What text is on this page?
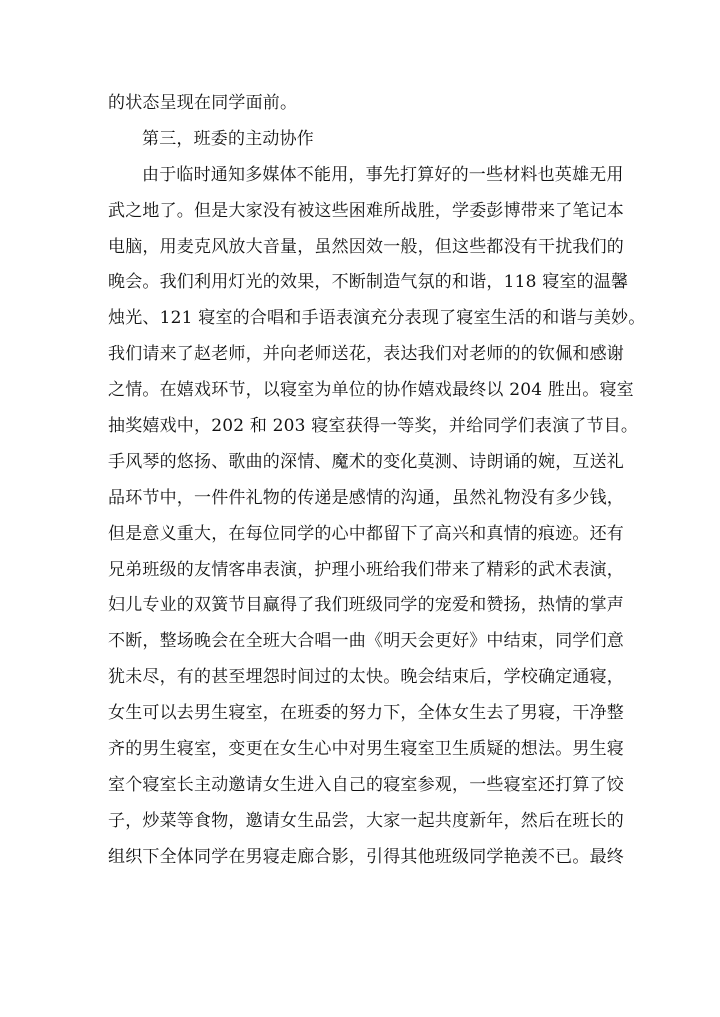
的状态呈现在同学面前。
第三，班委的主动协作
由于临时通知多媒体不能用，事先打算好的一些材料也英雄无用
武之地了。但是大家没有被这些困难所战胜，学委彭博带来了笔记本
电脑，用麦克风放大音量，虽然因效一般，但这些都没有干扰我们的
晚会。我们利用灯光的效果，不断制造气氛的和谐，118 寝室的温馨
烛光、121 寝室的合唱和手语表演充分表现了寝室生活的和谐与美妙。
我们请来了赵老师，并向老师送花，表达我们对老师的的钦佩和感谢
之情。在嬉戏环节，以寝室为单位的协作嬉戏最终以 204 胜出。寝室
抽奖嬉戏中，202 和 203 寝室获得一等奖，并给同学们表演了节目。
手风琴的悠扬、歌曲的深情、魔术的变化莫测、诗朗诵的婉，互送礼
品环节中，一件件礼物的传递是感情的沟通，虽然礼物没有多少钱，
但是意义重大，在每位同学的心中都留下了高兴和真情的痕迹。还有
兄弟班级的友情客串表演，护理小班给我们带来了精彩的武术表演，
妇儿专业的双簧节目赢得了我们班级同学的宠爱和赞扬，热情的掌声
不断，整场晚会在全班大合唱一曲《明天会更好》中结束，同学们意
犹未尽，有的甚至埋怨时间过的太快。晚会结束后，学校确定通寝，
女生可以去男生寝室，在班委的努力下，全体女生去了男寝，干净整
齐的男生寝室，变更在女生心中对男生寝室卫生质疑的想法。男生寝
室个寝室长主动邀请女生进入自己的寝室参观，一些寝室还打算了饺
子，炒菜等食物，邀请女生品尝，大家一起共度新年，然后在班长的
组织下全体同学在男寝走廊合影，引得其他班级同学艳羡不已。最终
